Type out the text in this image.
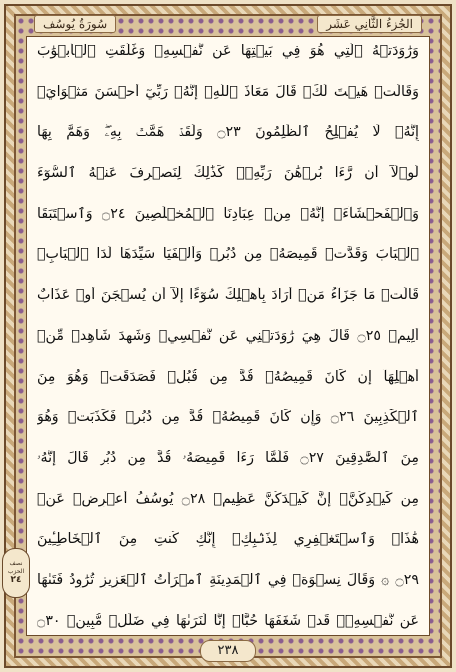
سُورَةُ يُوسُف	الجُزءُ الثَّانِي عَشَر
وَرَٰوَدَتۡهُ ٱلَّتِي هُوَ فِي بَيۡتِهَا عَن نَّفۡسِهِۦ وَغَلَّقَتِ ٱلۡأَبۡوَٰبَ
وَقَالَتۡ هَيۡتَ لَكَۚ قَالَ مَعَاذَ ٱللَّهِۖ إِنَّهُۥ رَبِّيٓ أَحۡسَنَ مَثۡوَايَۖ
إِنَّهُۥ لَا يُفۡلِحُ ٱلظَّٰلِمُونَ ۝٢٣ وَلَقَدۡ هَمَّتۡ بِهِۦۖ وَهَمَّ بِهَا
لَوۡلَآ أَن رَّءَا بُرۡهَٰنَ رَبِّهِۦۚ كَذَٰلِكَ لِنَصۡرِفَ عَنۡهُ ٱلسُّوٓءَ
وَٱلۡفَحۡشَآءَۚ إِنَّهُۥ مِنۡ عِبَادِنَا ٱلۡمُخۡلَصِينَ ۝٢٤ وَٱسۡتَبَقَا
ٱلۡبَابَ وَقَدَّتۡ قَمِيصَهُۥ مِن دُبُرٖ وَأَلۡفَيَا سَيِّدَهَا لَدَا ٱلۡبَابِۚ
قَالَتۡ مَا جَزَآءُ مَنۡ أَرَادَ بِأَهۡلِكَ سُوٓءًا إِلَّآ أَن يُسۡجَنَ أَوۡ عَذَابٌ
أَلِيمٞ ۝٢٥ قَالَ هِيَ رَٰوَدَتۡنِي عَن نَّفۡسِيۚ وَشَهِدَ شَاهِدٞ مِّنۡ
أَهۡلِهَآ إِن كَانَ قَمِيصُهُۥ قُدَّ مِن قُبُلٖ فَصَدَقَتۡ وَهُوَ مِنَ
ٱلۡكَٰذِبِينَ ۝٢٦ وَإِن كَانَ قَمِيصُهُۥ قُدَّ مِن دُبُرٖ فَكَذَبَتۡ وَهُوَ
مِنَ ٱلصَّٰدِقِينَ ۝٢٧ فَلَمَّا رَءَا قَمِيصَهُۥ قُدَّ مِن دُبُرٖ قَالَ إِنَّهُۥ
مِن كَيۡدِكُنَّۖ إِنَّ كَيۡدَكُنَّ عَظِيمٞ ۝٢٨ يُوسُفُ أَعۡرِضۡ عَنۡ
هَٰذَاۚ وَٱسۡتَغۡفِرِي لِذَنۢبِكِۖ إِنَّكِ كُنتِ مِنَ ٱلۡخَاطِـِٔينَ
۝٢٩ ۞ وَقَالَ نِسۡوَةٞ فِي ٱلۡمَدِينَةِ ٱمۡرَأَتُ ٱلۡعَزِيزِ تُرَٰوِدُ فَتَىٰهَا
عَن نَّفۡسِهِۦۖ قَدۡ شَغَفَهَا حُبًّاۖ إِنَّا لَنَرَىٰهَا فِي ضَلَٰلٖ مُّبِينٖ ۝٣٠
نصف الحزب
٢٤
٢٣٨
